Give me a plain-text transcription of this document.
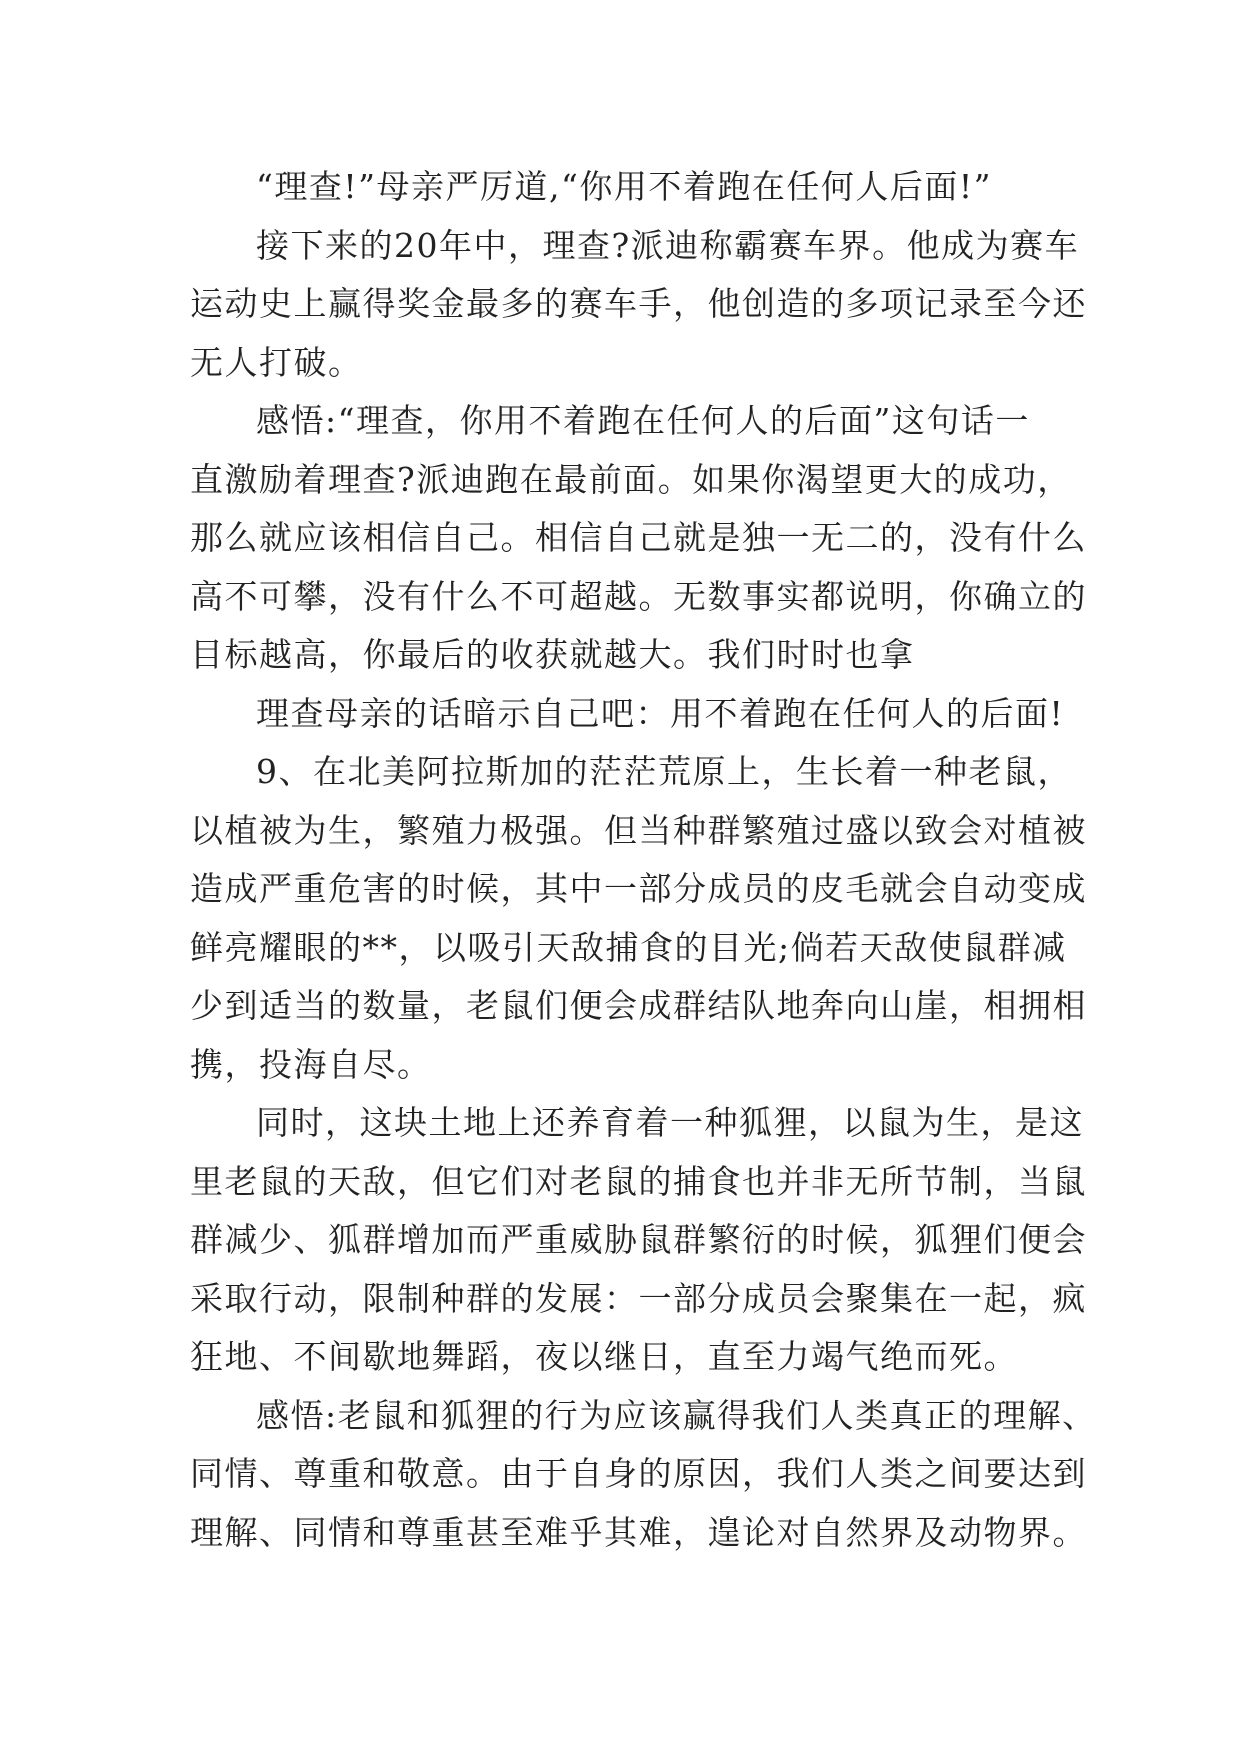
“理查!”母亲严厉道,“你用不着跑在任何人后面!”
接下来的20年中，理查?派迪称霸赛车界。他成为赛车
运动史上赢得奖金最多的赛车手，他创造的多项记录至今还
无人打破。
感悟:“理查，你用不着跑在任何人的后面”这句话一
直激励着理查?派迪跑在最前面。如果你渴望更大的成功，
那么就应该相信自己。相信自己就是独一无二的，没有什么
高不可攀，没有什么不可超越。无数事实都说明，你确立的
目标越高，你最后的收获就越大。我们时时也拿
理查母亲的话暗示自己吧：用不着跑在任何人的后面!
9、在北美阿拉斯加的茫茫荒原上，生长着一种老鼠，
以植被为生，繁殖力极强。但当种群繁殖过盛以致会对植被
造成严重危害的时候，其中一部分成员的皮毛就会自动变成
鲜亮耀眼的**，以吸引天敌捕食的目光;倘若天敌使鼠群减
少到适当的数量，老鼠们便会成群结队地奔向山崖，相拥相
携，投海自尽。
同时，这块土地上还养育着一种狐狸，以鼠为生，是这
里老鼠的天敌，但它们对老鼠的捕食也并非无所节制，当鼠
群减少、狐群增加而严重威胁鼠群繁衍的时候，狐狸们便会
采取行动，限制种群的发展：一部分成员会聚集在一起，疯
狂地、不间歇地舞蹈，夜以继日，直至力竭气绝而死。
感悟:老鼠和狐狸的行为应该赢得我们人类真正的理解、
同情、尊重和敬意。由于自身的原因，我们人类之间要达到
理解、同情和尊重甚至难乎其难，遑论对自然界及动物界。
